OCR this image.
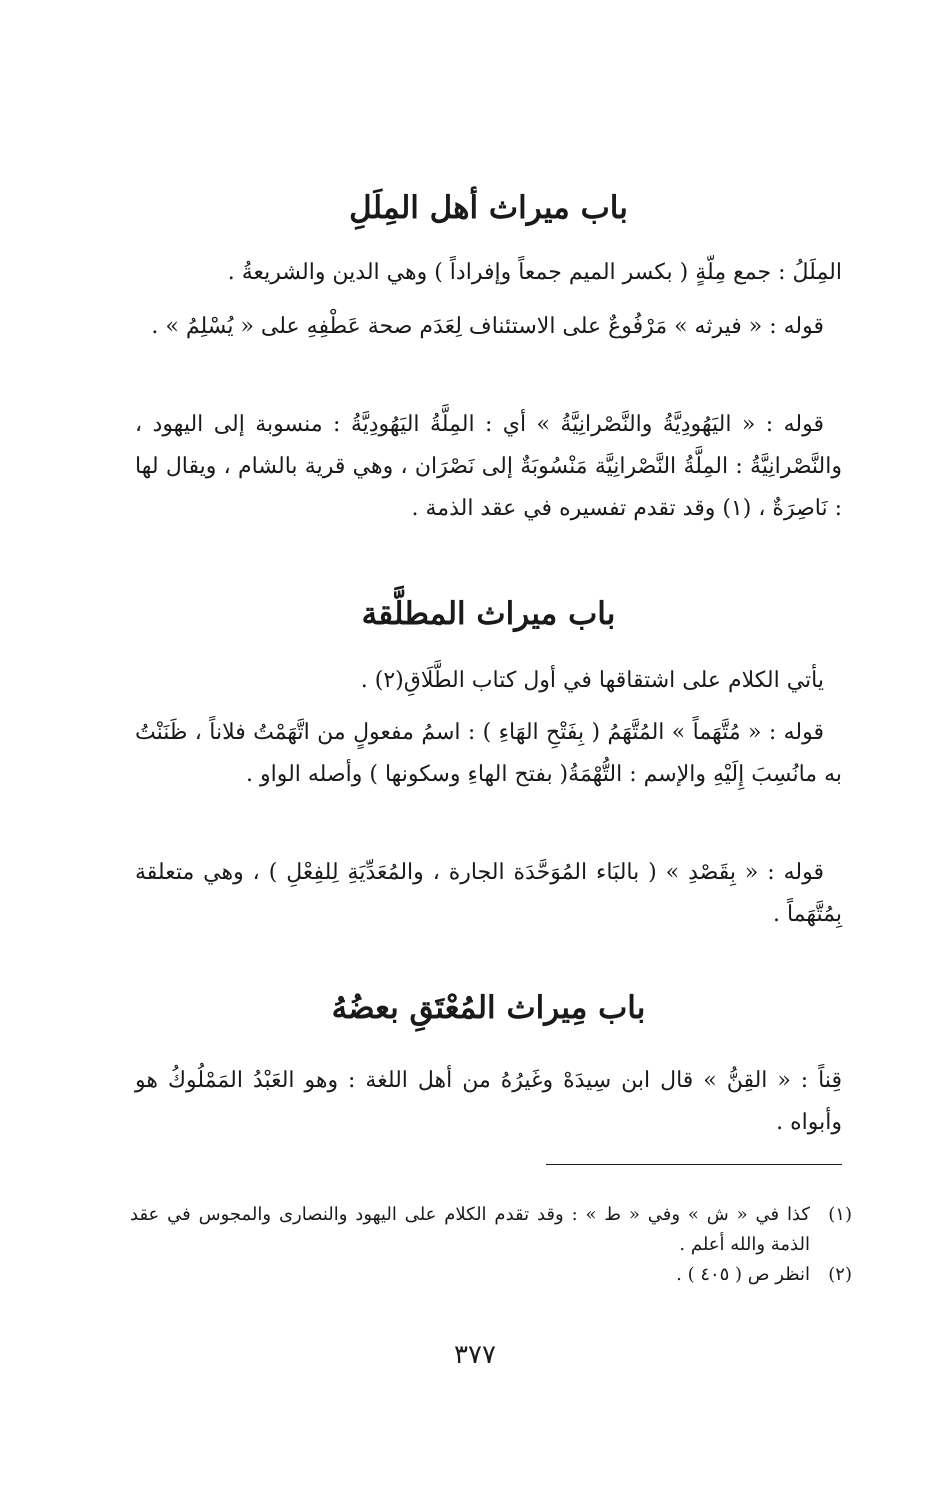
باب ميراث أهل المِلَلِ

المِلَلُ : جمع مِلّةٍ ( بكسر الميم جمعاً وإفراداً ) وهي الدين والشريعةُ .

قوله : « فيرثه » مَرْفُوعٌ على الاستئناف لِعَدَم صحة عَطْفِهِ على « يُسْلِمُ » .

قوله : « اليَهُودِيَّةُ والنَّصْرانِيَّةُ » أي : المِلَّةُ اليَهُودِيَّةُ : منسوبة إلى اليهود ، والنَّصْرانِيَّةُ : المِلَّةُ النَّصْرانِيَّة مَنْسُوبَةٌ إلى نَصْرَان ، وهي قرية بالشام ، ويقال لها : نَاصِرَةٌ ، (١) وقد تقدم تفسيره في عقد الذمة .

باب ميراث المطلَّقة

يأتي الكلام على اشتقاقها في أول كتاب الطَّلَاقِ(٢) .

قوله : « مُتَّهَماً » المُتَّهَمُ ( بِفَتْحِ الهَاءِ ) : اسمُ مفعولٍ من اتَّهَمْتُ فلاناً ، ظَنَنْتُ به مانُسِبَ إِلَيْهِ والإسم : التُّهْمَةُ( بفتح الهاءِ وسكونها ) وأصله الواو .

قوله : « بِقَصْدِ » ( بالبَاء المُوَحَّدَة الجارة ، والمُعَدِّيَةِ لِلفِعْلِ ) ، وهي متعلقة بِمُتَّهَماً .

باب مِيراث المُعْتَقِ بعضُهُ

قِناً : « القِنُّ » قال ابن سِيدَهْ وغَيرُهُ من أهل اللغة : وهو العَبْدُ المَمْلُوكُ هو وأبواه .

(١)
كذا في « ش » وفي « ط » : وقد تقدم الكلام على اليهود والنصارى والمجوس في عقد الذمة والله أعلم .
(٢)
انظر ص ( ٤٠٥ ) .
٣٧٧
